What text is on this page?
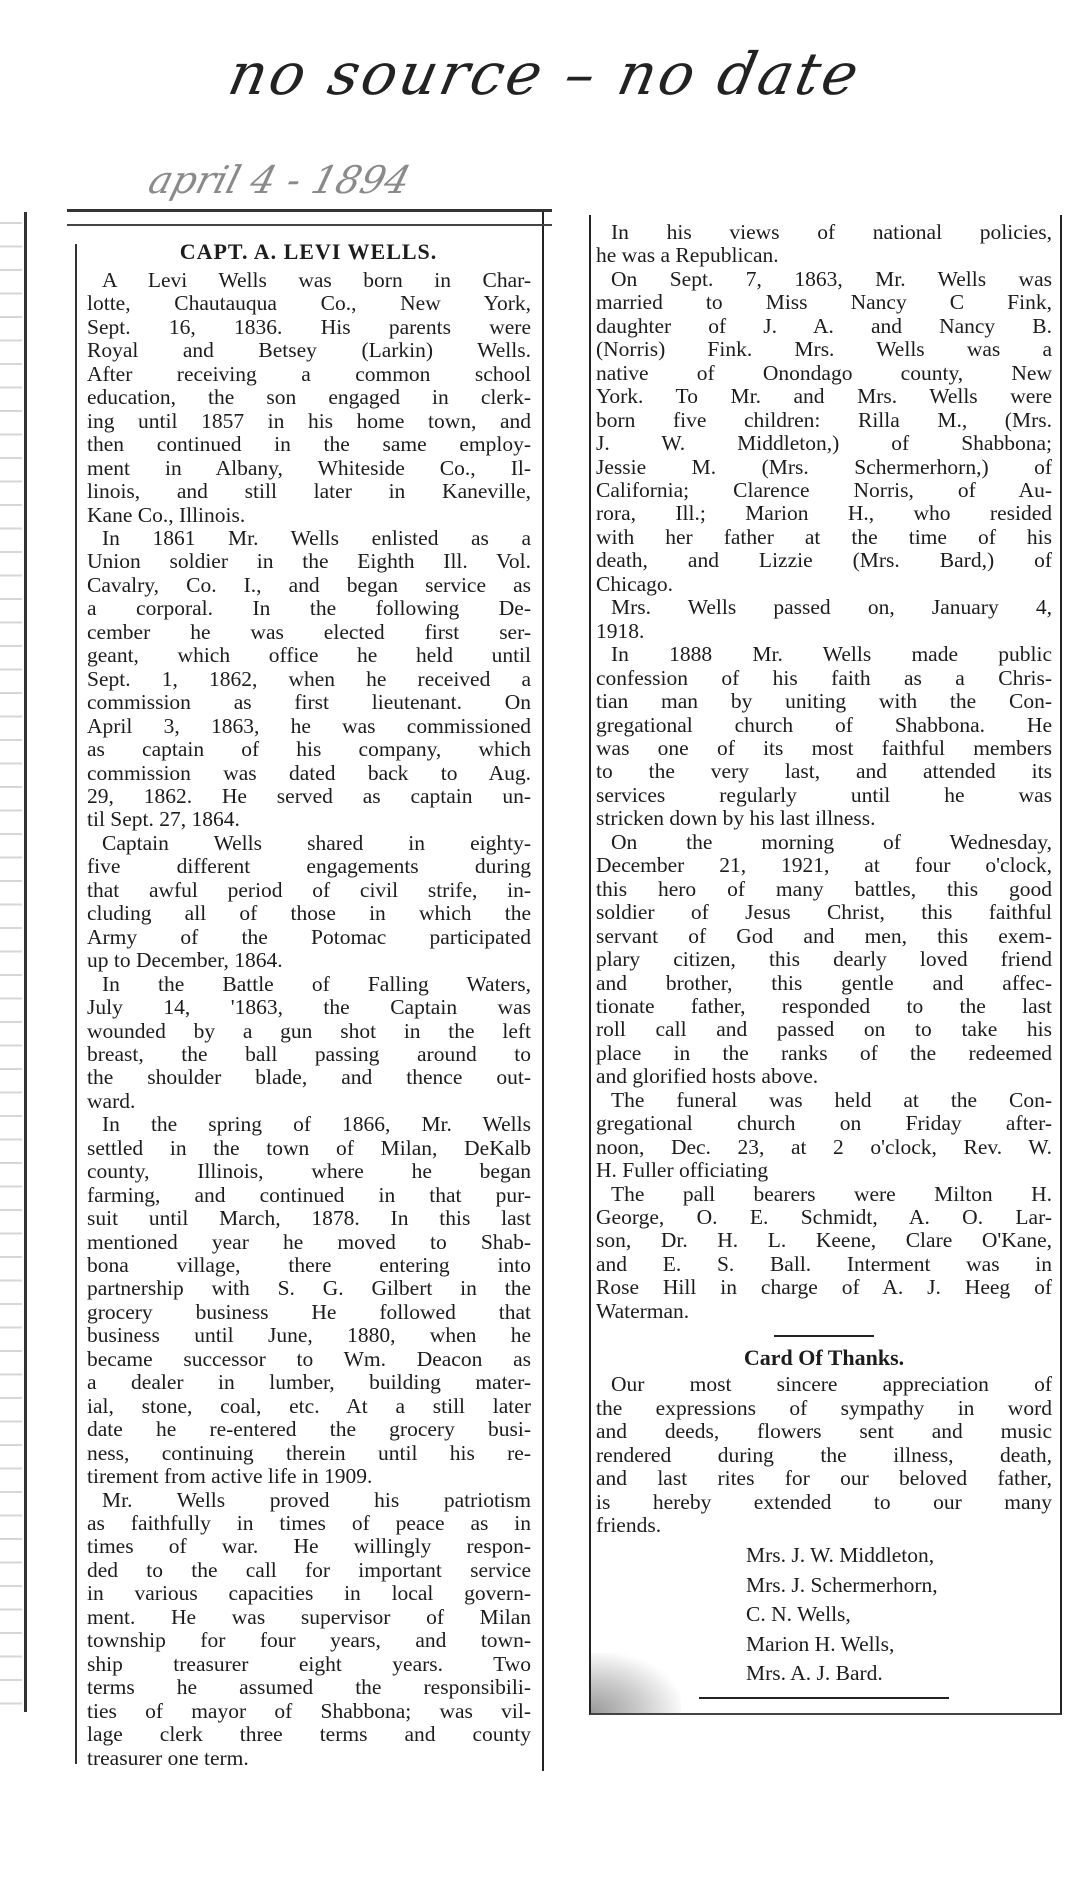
no source – no date
april 4 - 1894
CAPT. A. LEVI WELLS.
A Levi Wells was born in Char-
lotte, Chautauqua Co., New York,
Sept. 16, 1836. His parents were
Royal and Betsey (Larkin) Wells.
After receiving a common school
education, the son engaged in clerk-
ing until 1857 in his home town, and
then continued in the same employ-
ment in Albany, Whiteside Co., Il-
linois, and still later in Kaneville,
Kane Co., Illinois.
In 1861 Mr. Wells enlisted as a
Union soldier in the Eighth Ill. Vol.
Cavalry, Co. I., and began service as
a corporal. In the following De-
cember he was elected first ser-
geant, which office he held until
Sept. 1, 1862, when he received a
commission as first lieutenant. On
April 3, 1863, he was commissioned
as captain of his company, which
commission was dated back to Aug.
29, 1862. He served as captain un-
til Sept. 27, 1864.
Captain Wells shared in eighty-
five different engagements during
that awful period of civil strife, in-
cluding all of those in which the
Army of the Potomac participated
up to December, 1864.
In the Battle of Falling Waters,
July 14, '1863, the Captain was
wounded by a gun shot in the left
breast, the ball passing around to
the shoulder blade, and thence out-
ward.
In the spring of 1866, Mr. Wells
settled in the town of Milan, DeKalb
county, Illinois, where he began
farming, and continued in that pur-
suit until March, 1878. In this last
mentioned year he moved to Shab-
bona village, there entering into
partnership with S. G. Gilbert in the
grocery business He followed that
business until June, 1880, when he
became successor to Wm. Deacon as
a dealer in lumber, building mater-
ial, stone, coal, etc. At a still later
date he re-entered the grocery busi-
ness, continuing therein until his re-
tirement from active life in 1909.
Mr. Wells proved his patriotism
as faithfully in times of peace as in
times of war. He willingly respon-
ded to the call for important service
in various capacities in local govern-
ment. He was supervisor of Milan
township for four years, and town-
ship treasurer eight years. Two
terms he assumed the responsibili-
ties of mayor of Shabbona; was vil-
lage clerk three terms and county
treasurer one term.
In his views of national policies,
he was a Republican.
On Sept. 7, 1863, Mr. Wells was
married to Miss Nancy C Fink,
daughter of J. A. and Nancy B.
(Norris) Fink. Mrs. Wells was a
native of Onondago county, New
York. To Mr. and Mrs. Wells were
born five children: Rilla M., (Mrs.
J. W. Middleton,) of Shabbona;
Jessie M. (Mrs. Schermerhorn,) of
California; Clarence Norris, of Au-
rora, Ill.; Marion H., who resided
with her father at the time of his
death, and Lizzie (Mrs. Bard,) of
Chicago.
Mrs. Wells passed on, January 4,
1918.
In 1888 Mr. Wells made public
confession of his faith as a Chris-
tian man by uniting with the Con-
gregational church of Shabbona. He
was one of its most faithful members
to the very last, and attended its
services regularly until he was
stricken down by his last illness.
On the morning of Wednesday,
December 21, 1921, at four o'clock,
this hero of many battles, this good
soldier of Jesus Christ, this faithful
servant of God and men, this exem-
plary citizen, this dearly loved friend
and brother, this gentle and affec-
tionate father, responded to the last
roll call and passed on to take his
place in the ranks of the redeemed
and glorified hosts above.
The funeral was held at the Con-
gregational church on Friday after-
noon, Dec. 23, at 2 o'clock, Rev. W.
H. Fuller officiating
The pall bearers were Milton H.
George, O. E. Schmidt, A. O. Lar-
son, Dr. H. L. Keene, Clare O'Kane,
and E. S. Ball. Interment was in
Rose Hill in charge of A. J. Heeg of
Waterman.
Card Of Thanks.
Our most sincere appreciation of
the expressions of sympathy in word
and deeds, flowers sent and music
rendered during the illness, death,
and last rites for our beloved father,
is hereby extended to our many
friends.
Mrs. J. W. Middleton,
Mrs. J. Schermerhorn,
C. N. Wells,
Marion H. Wells,
Mrs. A. J. Bard.
